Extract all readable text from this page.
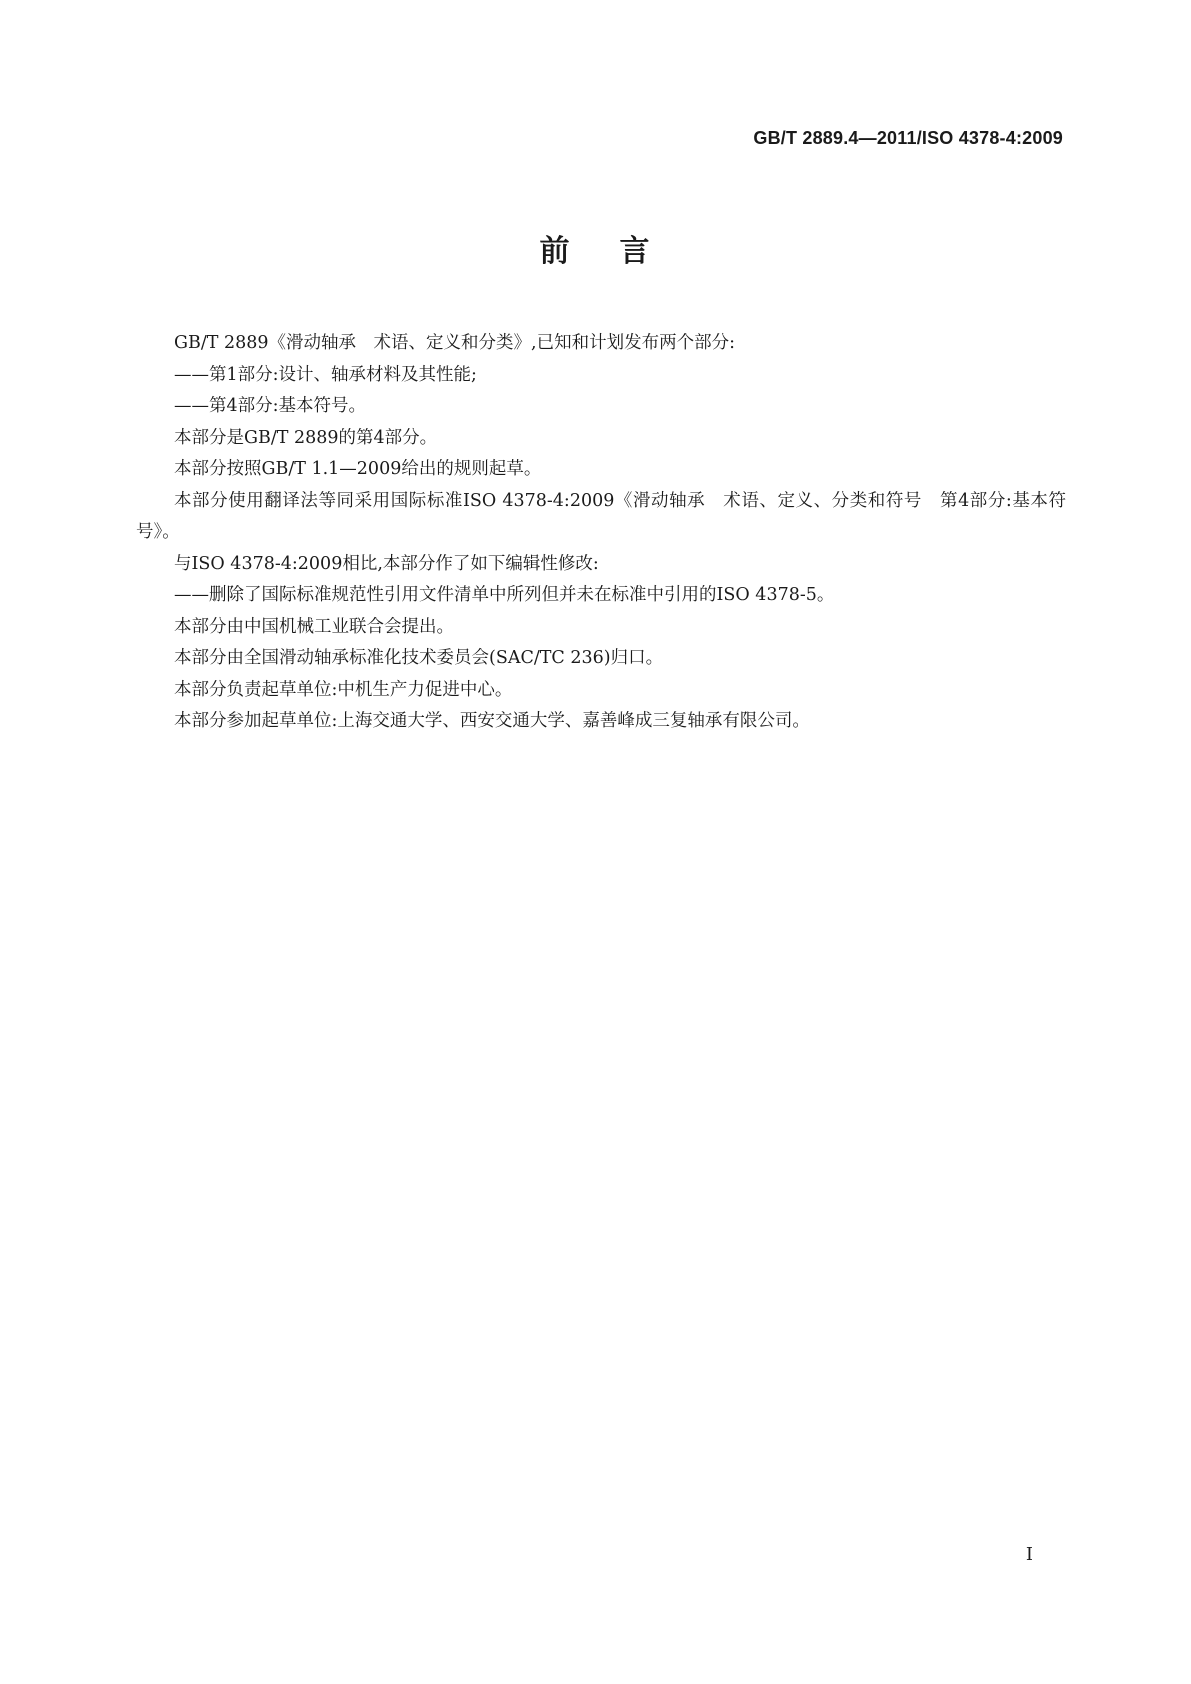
GB/T 2889.4—2011/ISO 4378-4:2009
前 言

GB/T 2889《滑动轴承　术语、定义和分类》,已知和计划发布两个部分:

——第1部分:设计、轴承材料及其性能;

——第4部分:基本符号。

本部分是GB/T 2889的第4部分。

本部分按照GB/T 1.1—2009给出的规则起草。

本部分使用翻译法等同采用国际标准ISO 4378-4:2009《滑动轴承　术语、定义、分类和符号　第4部分:基本符号》。

与ISO 4378-4:2009相比,本部分作了如下编辑性修改:

——删除了国际标准规范性引用文件清单中所列但并未在标准中引用的ISO 4378-5。

本部分由中国机械工业联合会提出。

本部分由全国滑动轴承标准化技术委员会(SAC/TC 236)归口。

本部分负责起草单位:中机生产力促进中心。

本部分参加起草单位:上海交通大学、西安交通大学、嘉善峰成三复轴承有限公司。

I
